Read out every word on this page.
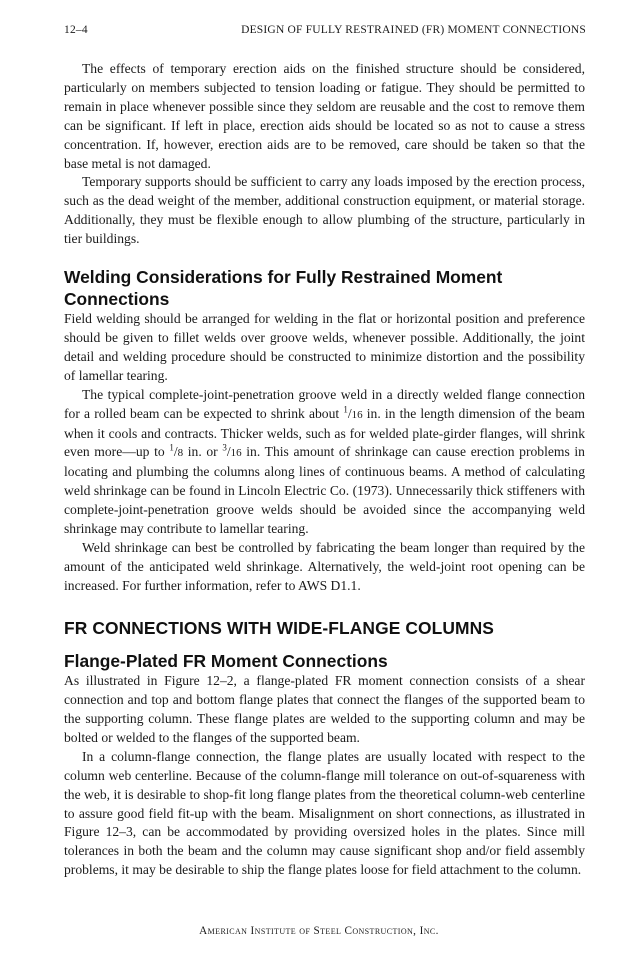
12–4	DESIGN OF FULLY RESTRAINED (FR) MOMENT CONNECTIONS

The effects of temporary erection aids on the finished structure should be considered, particularly on members subjected to tension loading or fatigue. They should be permitted to remain in place whenever possible since they seldom are reusable and the cost to remove them can be significant. If left in place, erection aids should be located so as not to cause a stress concentration. If, however, erection aids are to be removed, care should be taken so that the base metal is not damaged.

Temporary supports should be sufficient to carry any loads imposed by the erection process, such as the dead weight of the member, additional construction equipment, or material storage. Additionally, they must be flexible enough to allow plumbing of the structure, particularly in tier buildings.

Welding Considerations for Fully Restrained Moment Connections

Field welding should be arranged for welding in the flat or horizontal position and preference should be given to fillet welds over groove welds, whenever possible. Additionally, the joint detail and welding procedure should be constructed to minimize distortion and the possibility of lamellar tearing.

The typical complete-joint-penetration groove weld in a directly welded flange connection for a rolled beam can be expected to shrink about $^1$/16 in. in the length dimension of the beam when it cools and contracts. Thicker welds, such as for welded plate-girder flanges, will shrink even more—up to $^1$/8 in. or $^3$/16 in. This amount of shrinkage can cause erection problems in locating and plumbing the columns along lines of continuous beams. A method of calculating weld shrinkage can be found in Lincoln Electric Co. (1973). Unnecessarily thick stiffeners with complete-joint-penetration groove welds should be avoided since the accompanying weld shrinkage may contribute to lamellar tearing.

Weld shrinkage can best be controlled by fabricating the beam longer than required by the amount of the anticipated weld shrinkage. Alternatively, the weld-joint root opening can be increased. For further information, refer to AWS D1.1.

FR CONNECTIONS WITH WIDE-FLANGE COLUMNS
Flange-Plated FR Moment Connections

As illustrated in Figure 12–2, a flange-plated FR moment connection consists of a shear connection and top and bottom flange plates that connect the flanges of the supported beam to the supporting column. These flange plates are welded to the supporting column and may be bolted or welded to the flanges of the supported beam.

In a column-flange connection, the flange plates are usually located with respect to the column web centerline. Because of the column-flange mill tolerance on out-of-squareness with the web, it is desirable to shop-fit long flange plates from the theoretical column-web centerline to assure good field fit-up with the beam. Misalignment on short connections, as illustrated in Figure 12–3, can be accommodated by providing oversized holes in the plates. Since mill tolerances in both the beam and the column may cause significant shop and/or field assembly problems, it may be desirable to ship the flange plates loose for field attachment to the column.

American Institute of Steel Construction, Inc.
